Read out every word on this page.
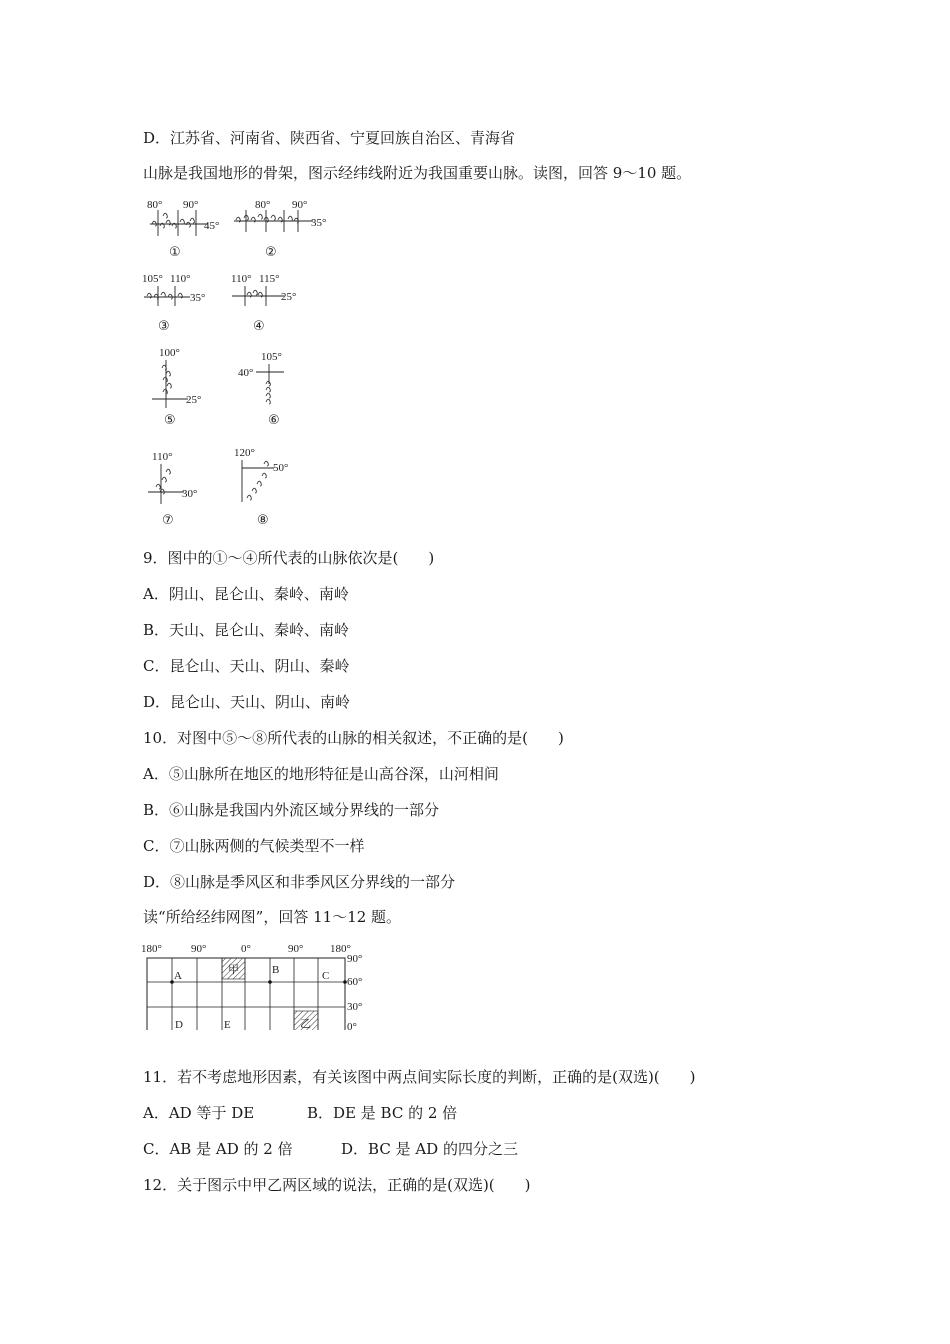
D．江苏省、河南省、陕西省、宁夏回族自治区、青海省
山脉是我国地形的骨架，图示经纬线附近为我国重要山脉。读图，回答 9～10 题。
80° 90°
45°
①
80° 90°
35°
②
105° 110°
35°
③
110° 115°
25°
④
100°
25°
⑤
105°
40°
⑥
110°
30°
⑦
120°
50°
⑧
9．图中的①～④所代表的山脉依次是(　　)
A．阴山、昆仑山、秦岭、南岭
B．天山、昆仑山、秦岭、南岭
C．昆仑山、天山、阴山、秦岭
D．昆仑山、天山、阴山、南岭
10．对图中⑤～⑧所代表的山脉的相关叙述，不正确的是(　　)
A．⑤山脉所在地区的地形特征是山高谷深，山河相间
B．⑥山脉是我国内外流区域分界线的一部分
C．⑦山脉两侧的气候类型不一样
D．⑧山脉是季风区和非季风区分界线的一部分
读“所给经纬网图”，回答 11～12 题。
180°	90°	0°	90° 180°
甲
乙
A	B	C
D	E
90°
60°
30°
0°
11．若不考虑地形因素，有关该图中两点间实际长度的判断，正确的是(双选)(　　)
A．AD 等于 DE	B．DE 是 BC 的 2 倍
C．AB 是 AD 的 2 倍	D．BC 是 AD 的四分之三
12．关于图示中甲乙两区域的说法，正确的是(双选)(　　)
